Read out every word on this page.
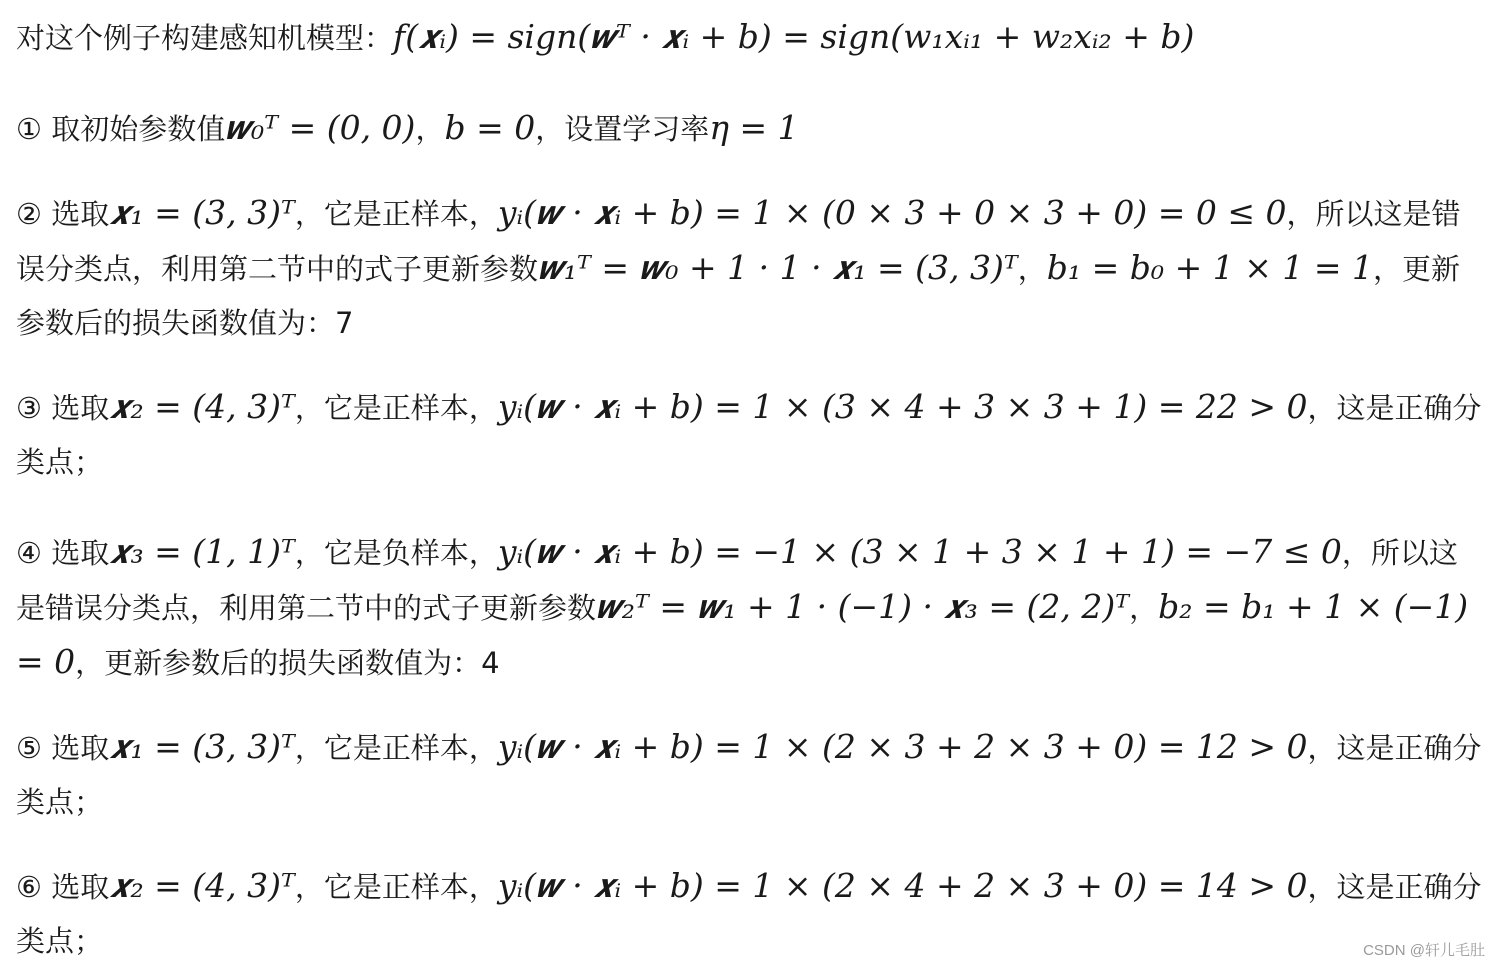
对这个例子构建感知机模型：f(𝒙ᵢ) = sign(𝒘ᵀ · 𝒙ᵢ + b) = sign(w₁xᵢ₁ + w₂xᵢ₂ + b)

① 取初始参数值𝒘₀ᵀ = (0, 0)，b = 0，设置学习率η = 1

② 选取𝒙₁ = (3, 3)ᵀ，它是正样本，yᵢ(𝒘 · 𝒙ᵢ + b) = 1 × (0 × 3 + 0 × 3 + 0) = 0 ≤ 0，所以这是错误分类点，利用第二节中的式子更新参数𝒘₁ᵀ = 𝒘₀ + 1 · 1 · 𝒙₁ = (3, 3)ᵀ，b₁ = b₀ + 1 × 1 = 1，更新参数后的损失函数值为：7

③ 选取𝒙₂ = (4, 3)ᵀ，它是正样本，yᵢ(𝒘 · 𝒙ᵢ + b) = 1 × (3 × 4 + 3 × 3 + 1) = 22 > 0，这是正确分类点；

④ 选取𝒙₃ = (1, 1)ᵀ，它是负样本，yᵢ(𝒘 · 𝒙ᵢ + b) = −1 × (3 × 1 + 3 × 1 + 1) = −7 ≤ 0，所以这是错误分类点，利用第二节中的式子更新参数𝒘₂ᵀ = 𝒘₁ + 1 · (−1) · 𝒙₃ = (2, 2)ᵀ，b₂ = b₁ + 1 × (−1) = 0，更新参数后的损失函数值为：4

⑤ 选取𝒙₁ = (3, 3)ᵀ，它是正样本，yᵢ(𝒘 · 𝒙ᵢ + b) = 1 × (2 × 3 + 2 × 3 + 0) = 12 > 0，这是正确分类点；

⑥ 选取𝒙₂ = (4, 3)ᵀ，它是正样本，yᵢ(𝒘 · 𝒙ᵢ + b) = 1 × (2 × 4 + 2 × 3 + 0) = 14 > 0，这是正确分类点；	CSDN @轩儿毛肚
